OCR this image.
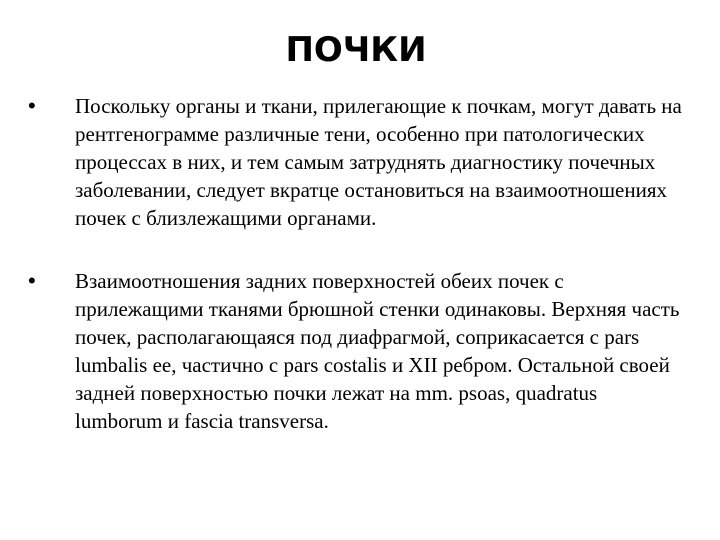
ПОЧКИ
• Поскольку органы и ткани, прилегающие к почкам, могут давать на рентгенограмме различные тени, особенно при патологических процессах в них, и тем самым затруднять диагностику почечных заболевании, следует вкратце остановиться на взаимоотношениях почек с близлежащими органами.
• Взаимоотношения задних поверхностей обеих почек с прилежащими тканями брюшной стенки одинаковы. Верхняя часть почек, располагающаяся под диафрагмой, соприкасается с pars lumbalis ее, частично с pars costalis и XII ребром. Остальной своей задней поверхностью почки лежат на mm. psoas, quadratus lumborum и fascia transversa.
